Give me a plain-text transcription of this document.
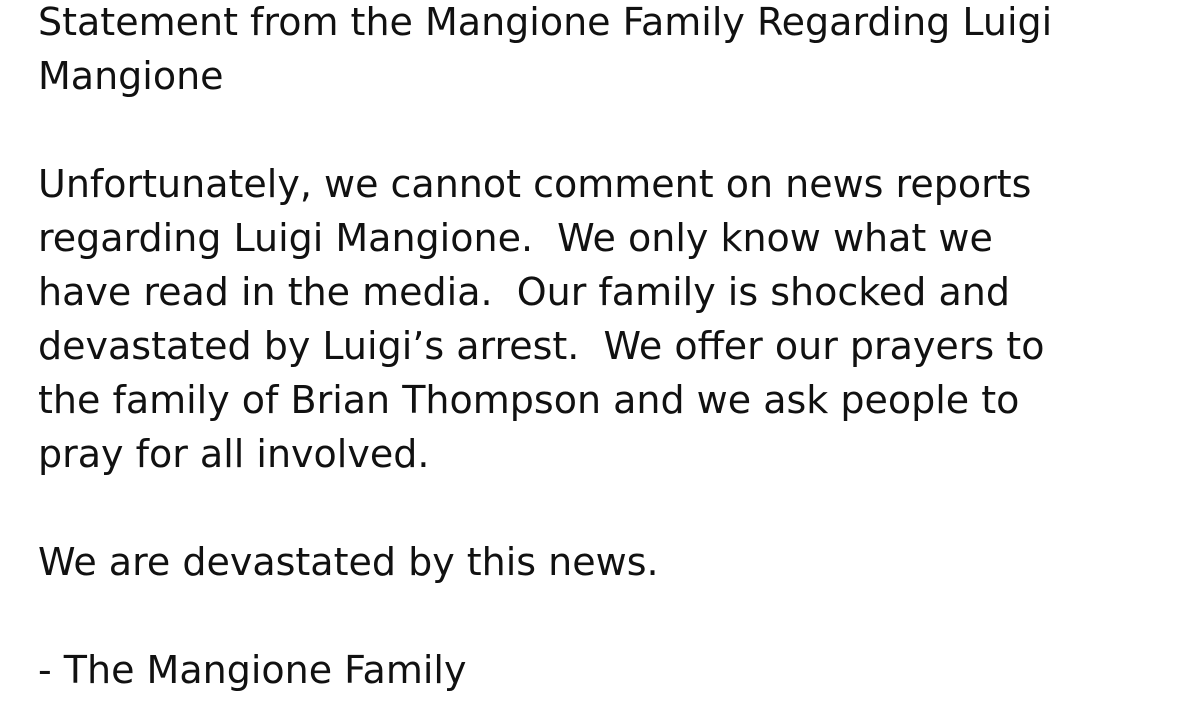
Statement from the Mangione Family Regarding Luigi
Mangione
Unfortunately, we cannot comment on news reports
regarding Luigi Mangione.  We only know what we
have read in the media.  Our family is shocked and
devastated by Luigi’s arrest.  We offer our prayers to
the family of Brian Thompson and we ask people to
pray for all involved.
We are devastated by this news.
- The Mangione Family
